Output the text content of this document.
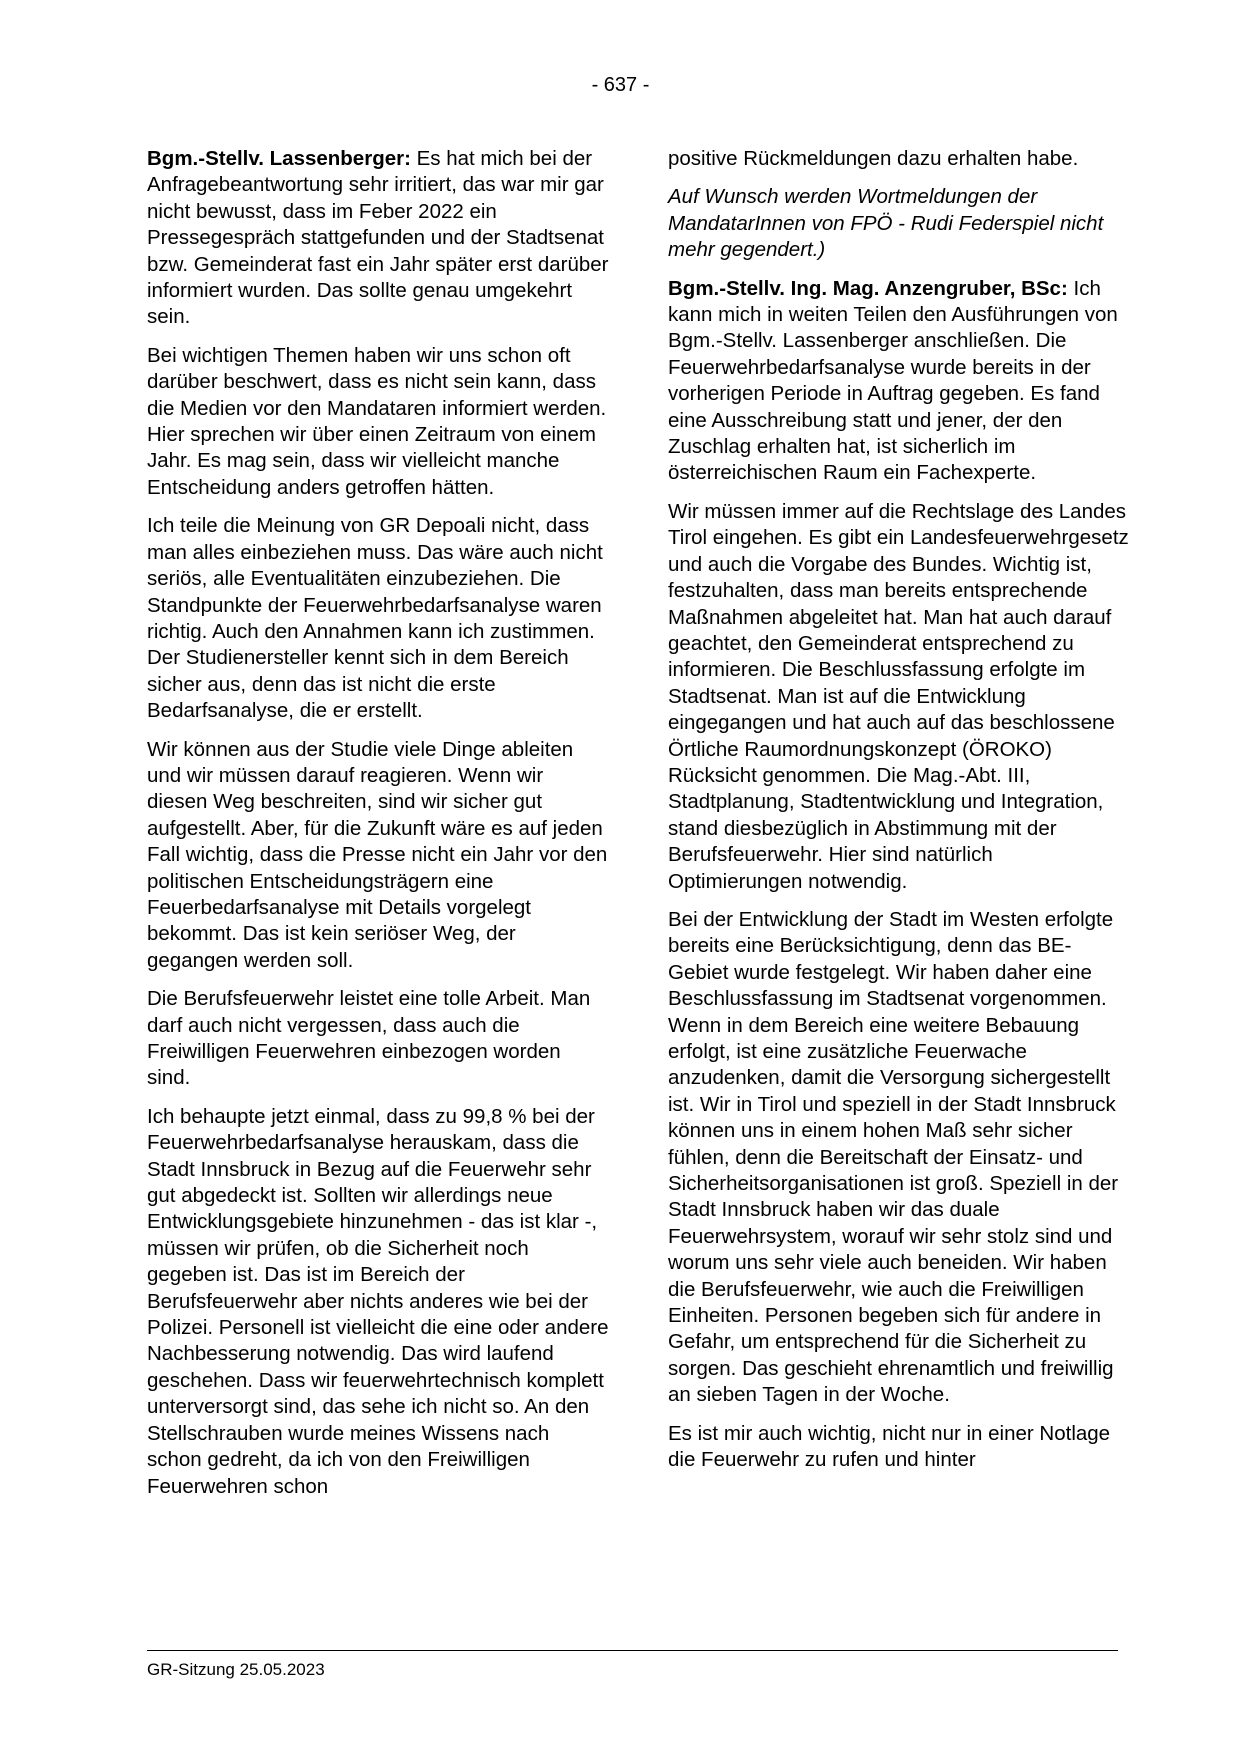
- 637 -

Bgm.-Stellv. Lassenberger: Es hat mich bei der Anfragebeantwortung sehr irritiert, das war mir gar nicht bewusst, dass im Feber 2022 ein Pressegespräch stattgefunden und der Stadtsenat bzw. Gemeinderat fast ein Jahr später erst darüber informiert wurden. Das sollte genau umgekehrt sein.

Bei wichtigen Themen haben wir uns schon oft darüber beschwert, dass es nicht sein kann, dass die Medien vor den Mandataren informiert werden. Hier sprechen wir über einen Zeitraum von einem Jahr. Es mag sein, dass wir vielleicht manche Entscheidung anders getroffen hätten.

Ich teile die Meinung von GR Depoali nicht, dass man alles einbeziehen muss. Das wäre auch nicht seriös, alle Eventualitäten einzubeziehen. Die Standpunkte der Feuerwehrbedarfsanalyse waren richtig. Auch den Annahmen kann ich zustimmen. Der Studienersteller kennt sich in dem Bereich sicher aus, denn das ist nicht die erste Bedarfsanalyse, die er erstellt.

Wir können aus der Studie viele Dinge ableiten und wir müssen darauf reagieren. Wenn wir diesen Weg beschreiten, sind wir sicher gut aufgestellt. Aber, für die Zukunft wäre es auf jeden Fall wichtig, dass die Presse nicht ein Jahr vor den politischen Entscheidungsträgern eine Feuerbedarfsanalyse mit Details vorgelegt bekommt. Das ist kein seriöser Weg, der gegangen werden soll.

Die Berufsfeuerwehr leistet eine tolle Arbeit. Man darf auch nicht vergessen, dass auch die Freiwilligen Feuerwehren einbezogen worden sind.

Ich behaupte jetzt einmal, dass zu 99,8 % bei der Feuerwehrbedarfsanalyse herauskam, dass die Stadt Innsbruck in Bezug auf die Feuerwehr sehr gut abgedeckt ist. Sollten wir allerdings neue Entwicklungsgebiete hinzunehmen - das ist klar -, müssen wir prüfen, ob die Sicherheit noch gegeben ist. Das ist im Bereich der Berufsfeuerwehr aber nichts anderes wie bei der Polizei. Personell ist vielleicht die eine oder andere Nachbesserung notwendig. Das wird laufend geschehen. Dass wir feuerwehrtechnisch komplett unterversorgt sind, das sehe ich nicht so. An den Stellschrauben wurde meines Wissens nach schon gedreht, da ich von den Freiwilligen Feuerwehren schon

positive Rückmeldungen dazu erhalten habe.

Auf Wunsch werden Wortmeldungen der MandatarInnen von FPÖ - Rudi Federspiel nicht mehr gegendert.)

Bgm.-Stellv. Ing. Mag. Anzengruber, BSc: Ich kann mich in weiten Teilen den Ausführungen von Bgm.-Stellv. Lassenberger anschließen. Die Feuerwehrbedarfsanalyse wurde bereits in der vorherigen Periode in Auftrag gegeben. Es fand eine Ausschreibung statt und jener, der den Zuschlag erhalten hat, ist sicherlich im österreichischen Raum ein Fachexperte.

Wir müssen immer auf die Rechtslage des Landes Tirol eingehen. Es gibt ein Landesfeuerwehrgesetz und auch die Vorgabe des Bundes. Wichtig ist, festzuhalten, dass man bereits entsprechende Maßnahmen abgeleitet hat. Man hat auch darauf geachtet, den Gemeinderat entsprechend zu informieren. Die Beschlussfassung erfolgte im Stadtsenat. Man ist auf die Entwicklung eingegangen und hat auch auf das beschlossene Örtliche Raumordnungskonzept (ÖROKO) Rücksicht genommen. Die Mag.-Abt. III, Stadtplanung, Stadtentwicklung und Integration, stand diesbezüglich in Abstimmung mit der Berufsfeuerwehr. Hier sind natürlich Optimierungen notwendig.

Bei der Entwicklung der Stadt im Westen erfolgte bereits eine Berücksichtigung, denn das BE-Gebiet wurde festgelegt. Wir haben daher eine Beschlussfassung im Stadtsenat vorgenommen. Wenn in dem Bereich eine weitere Bebauung erfolgt, ist eine zusätzliche Feuerwache anzudenken, damit die Versorgung sichergestellt ist. Wir in Tirol und speziell in der Stadt Innsbruck können uns in einem hohen Maß sehr sicher fühlen, denn die Bereitschaft der Einsatz- und Sicherheitsorganisationen ist groß. Speziell in der Stadt Innsbruck haben wir das duale Feuerwehrsystem, worauf wir sehr stolz sind und worum uns sehr viele auch beneiden. Wir haben die Berufsfeuerwehr, wie auch die Freiwilligen Einheiten. Personen begeben sich für andere in Gefahr, um entsprechend für die Sicherheit zu sorgen. Das geschieht ehrenamtlich und freiwillig an sieben Tagen in der Woche.

Es ist mir auch wichtig, nicht nur in einer Notlage die Feuerwehr zu rufen und hinter

GR-Sitzung 25.05.2023
